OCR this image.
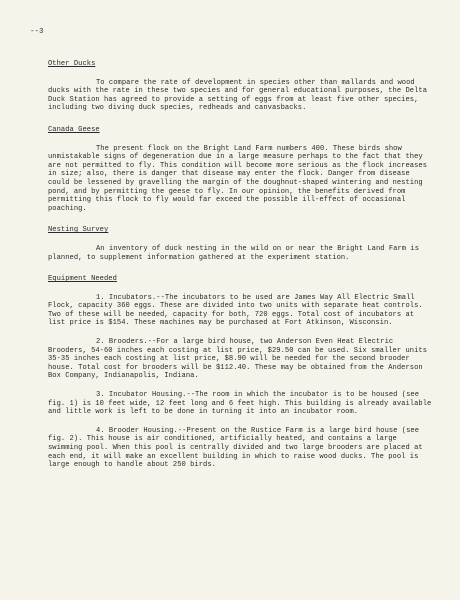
--3

Other Ducks

To compare the rate of development in species other than mallards and wood ducks with the rate in these two species and for general educational purposes, the Delta Duck Station has agreed to provide a setting of eggs from at least five other species, including two diving duck species, redheads and canvasbacks.

Canada Geese

The present flock on the Bright Land Farm numbers 400. These birds show unmistakable signs of degeneration due in a large measure perhaps to the fact that they are not permitted to fly. This condition will become more serious as the flock increases in size; also, there is danger that disease may enter the flock. Danger from disease could be lessened by gravelling the margin of the doughnut-shaped wintering and nesting pond, and by permitting the geese to fly. In our opinion, the benefits derived from permitting this flock to fly would far exceed the possible ill-effect of occasional poaching.

Nesting Survey

An inventory of duck nesting in the wild on or near the Bright Land Farm is planned, to supplement information gathered at the experiment station.

Equipment Needed

1. Incubators.--The incubators to be used are James Way All Electric Small Flock, capacity 360 eggs. These are divided into two units with separate heat controls. Two of these will be needed, capacity for both, 720 eggs. Total cost of incubators at list price is $154. These machines may be purchased at Fort Atkinson, Wisconsin.

2. Brooders.--For a large bird house, two Anderson Even Heat Electric Brooders, 54-60 inches each costing at list price, $29.50 can be used. Six smaller units 35-35 inches each costing at list price, $8.90 will be needed for the second brooder house. Total cost for brooders will be $112.40. These may be obtained from the Anderson Box Company, Indianapolis, Indiana.

3. Incubator Housing.--The room in which the incubator is to be housed (see fig. 1) is 10 feet wide, 12 feet long and 6 feet high. This building is already available and little work is left to be done in turning it into an incubator room.

4. Brooder Housing.--Present on the Rustice Farm is a large bird house (see fig. 2). This house is air conditioned, artificially heated, and contains a large swimming pool. When this pool is centrally divided and two large brooders are placed at each end, it will make an excellent building in which to raise wood ducks. The pool is large enough to handle about 250 birds.
